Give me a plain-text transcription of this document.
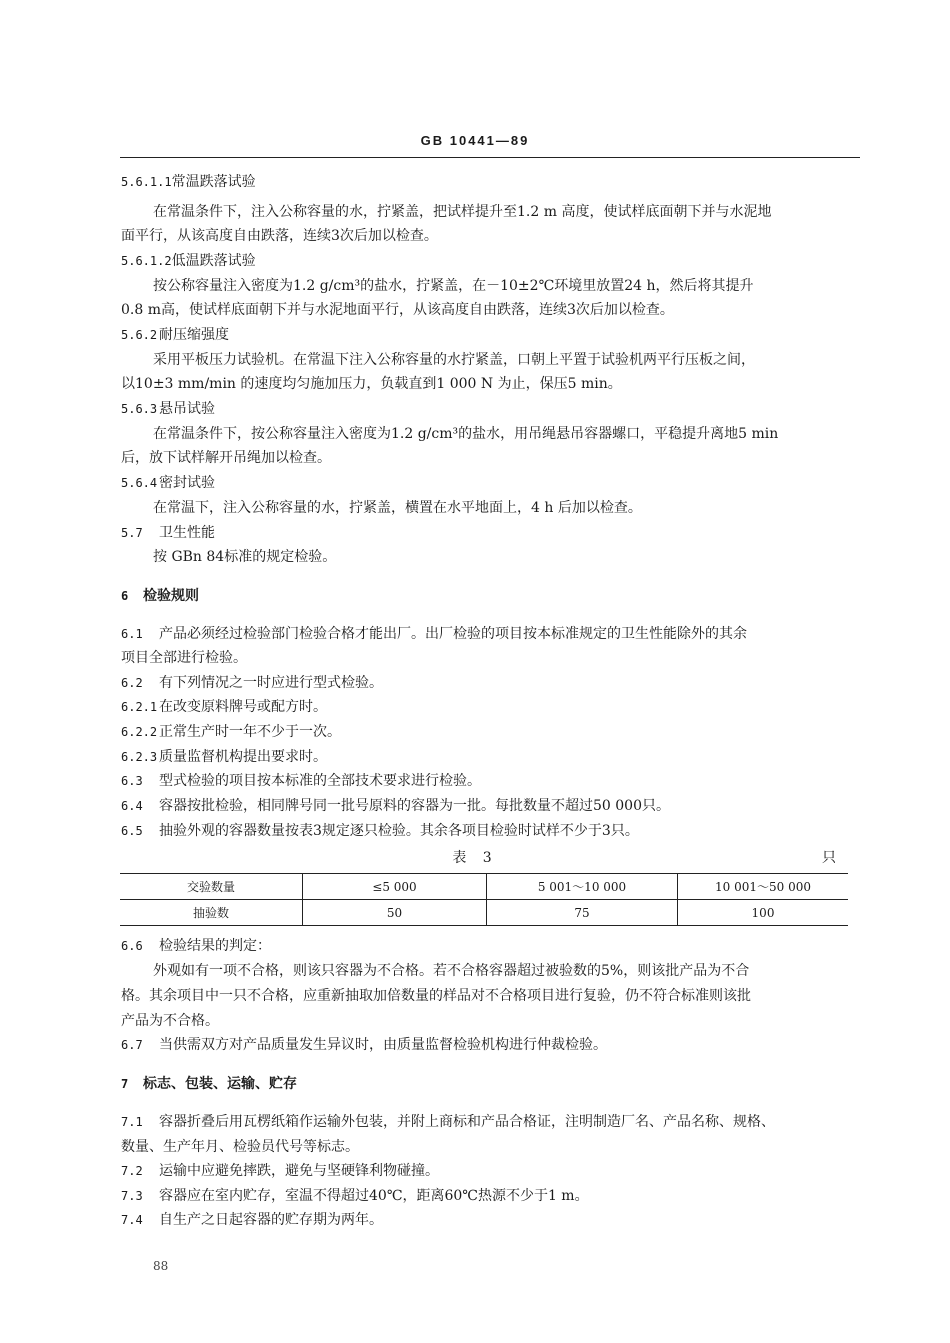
GB 10441—89
5.6.1.1常温跌落试验
在常温条件下，注入公称容量的水，拧紧盖，把试样提升至1.2 m 高度，使试样底面朝下并与水泥地
面平行，从该高度自由跌落，连续3次后加以检查。
5.6.1.2低温跌落试验
按公称容量注入密度为1.2 g/cm³的盐水，拧紧盖，在－10±2℃环境里放置24 h，然后将其提升
0.8 m高，使试样底面朝下并与水泥地面平行，从该高度自由跌落，连续3次后加以检查。
5.6.2 耐压缩强度
采用平板压力试验机。在常温下注入公称容量的水拧紧盖，口朝上平置于试验机两平行压板之间，
以10±3 mm/min 的速度均匀施加压力，负载直到1 000 N 为止，保压5 min。
5.6.3 悬吊试验
在常温条件下，按公称容量注入密度为1.2 g/cm³的盐水，用吊绳悬吊容器螺口，平稳提升离地5 min
后，放下试样解开吊绳加以检查。
5.6.4 密封试验
在常温下，注入公称容量的水，拧紧盖，横置在水平地面上，4 h 后加以检查。
5.7 卫生性能
按 GBn 84标准的规定检验。
6 检验规则
6.1 产品必须经过检验部门检验合格才能出厂。出厂检验的项目按本标准规定的卫生性能除外的其余
项目全部进行检验。
6.2 有下列情况之一时应进行型式检验。
6.2.1 在改变原料牌号或配方时。
6.2.2 正常生产时一年不少于一次。
6.2.3 质量监督机构提出要求时。
6.3 型式检验的项目按本标准的全部技术要求进行检验。
6.4 容器按批检验，相同牌号同一批号原料的容器为一批。每批数量不超过50 000只。
6.5 抽验外观的容器数量按表3规定逐只检验。其余各项目检验时试样不少于3只。
表 3	只
交验数量	≤5 000	5 001～10 000	10 001～50 000
抽验数	50	75	100
6.6 检验结果的判定：
外观如有一项不合格，则该只容器为不合格。若不合格容器超过被验数的5%，则该批产品为不合
格。其余项目中一只不合格，应重新抽取加倍数量的样品对不合格项目进行复验，仍不符合标准则该批
产品为不合格。
6.7 当供需双方对产品质量发生异议时，由质量监督检验机构进行仲裁检验。
7 标志、包装、运输、贮存
7.1 容器折叠后用瓦楞纸箱作运输外包装，并附上商标和产品合格证，注明制造厂名、产品名称、规格、
数量、生产年月、检验员代号等标志。
7.2 运输中应避免摔跌，避免与坚硬锋利物碰撞。
7.3 容器应在室内贮存，室温不得超过40℃，距离60℃热源不少于1 m。
7.4 自生产之日起容器的贮存期为两年。
88
